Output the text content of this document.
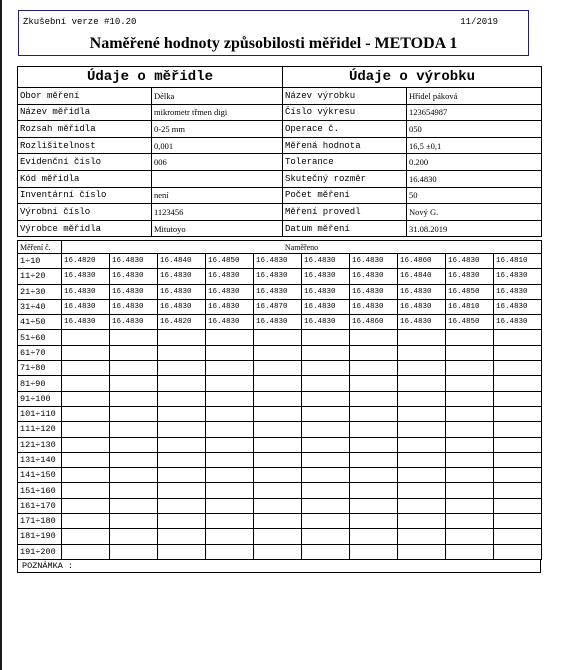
Zkušební verze #10.20	11/2019
Naměřené hodnoty způsobilosti měřidel - METODA 1
Údaje o měřidle		Údaje o výrobku	
Obor měření	Délka	Název výrobku	Hřídel páková
Název měřidla	mikrometr třmen digi	Číslo výkresu	123654987
Rozsah měřidla	0-25 mm	Operace č.	050
Rozlišitelnost	0,001	Měřená hodnota	16,5 ±0,1
Evidenční číslo	006	Tolerance	0.200
Kód měřidla		Skutečný rozměr	16.4830
Inventární číslo	není	Počet měření	50
Výrobní číslo	1123456	Měření provedl	Nový G.
Výrobce měřidla	Mitutoyo	Datum měření	31.08.2019
Měření č.	Naměřeno									
1÷10	16.4820	16.4830	16.4840	16.4850	16.4830	16.4830	16.4830	16.4860	16.4830	16.4810
11÷20	16.4830	16.4830	16.4830	16.4830	16.4830	16.4830	16.4830	16.4840	16.4830	16.4830
21÷30	16.4830	16.4830	16.4830	16.4830	16.4830	16.4830	16.4830	16.4830	16.4850	16.4830
31÷40	16.4830	16.4830	16.4830	16.4830	16.4870	16.4830	16.4830	16.4830	16.4810	16.4830
41÷50	16.4830	16.4830	16.4820	16.4830	16.4830	16.4830	16.4860	16.4830	16.4850	16.4830
51÷60										
61÷70										
71÷80										
81÷90										
91÷100										
101÷110										
111÷120										
121÷130										
131÷140										
141÷150										
151÷160										
161÷170										
171÷180										
181÷190										
191÷200										
POZNÁMKA :
